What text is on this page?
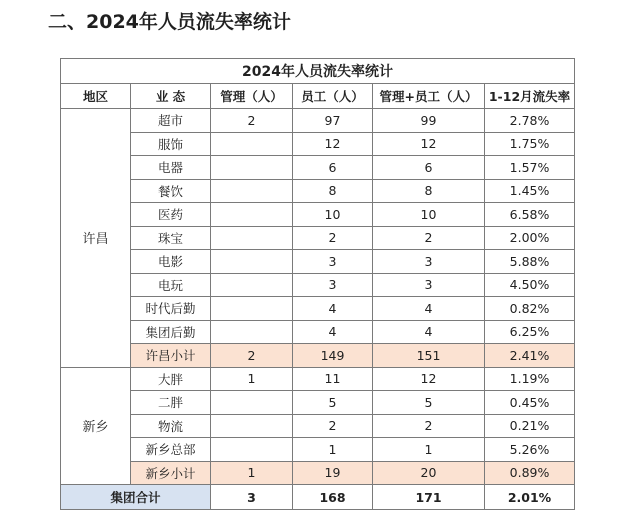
二、2024年人员流失率统计
2024年人员流失率统计					
地区	业 态	管理（人）	员工（人）	管理+员工（人）	1-12月流失率
许昌	超市	2	97	99	2.78%
	服饰		12	12	1.75%
	电器		6	6	1.57%
	餐饮		8	8	1.45%
	医药		10	10	6.58%
	珠宝		2	2	2.00%
	电影		3	3	5.88%
	电玩		3	3	4.50%
	时代后勤		4	4	0.82%
	集团后勤		4	4	6.25%
	许昌小计	2	149	151	2.41%
新乡	大胖	1	11	12	1.19%
	二胖		5	5	0.45%
	物流		2	2	0.21%
	新乡总部		1	1	5.26%
	新乡小计	1	19	20	0.89%
集团合计		3	168	171	2.01%
